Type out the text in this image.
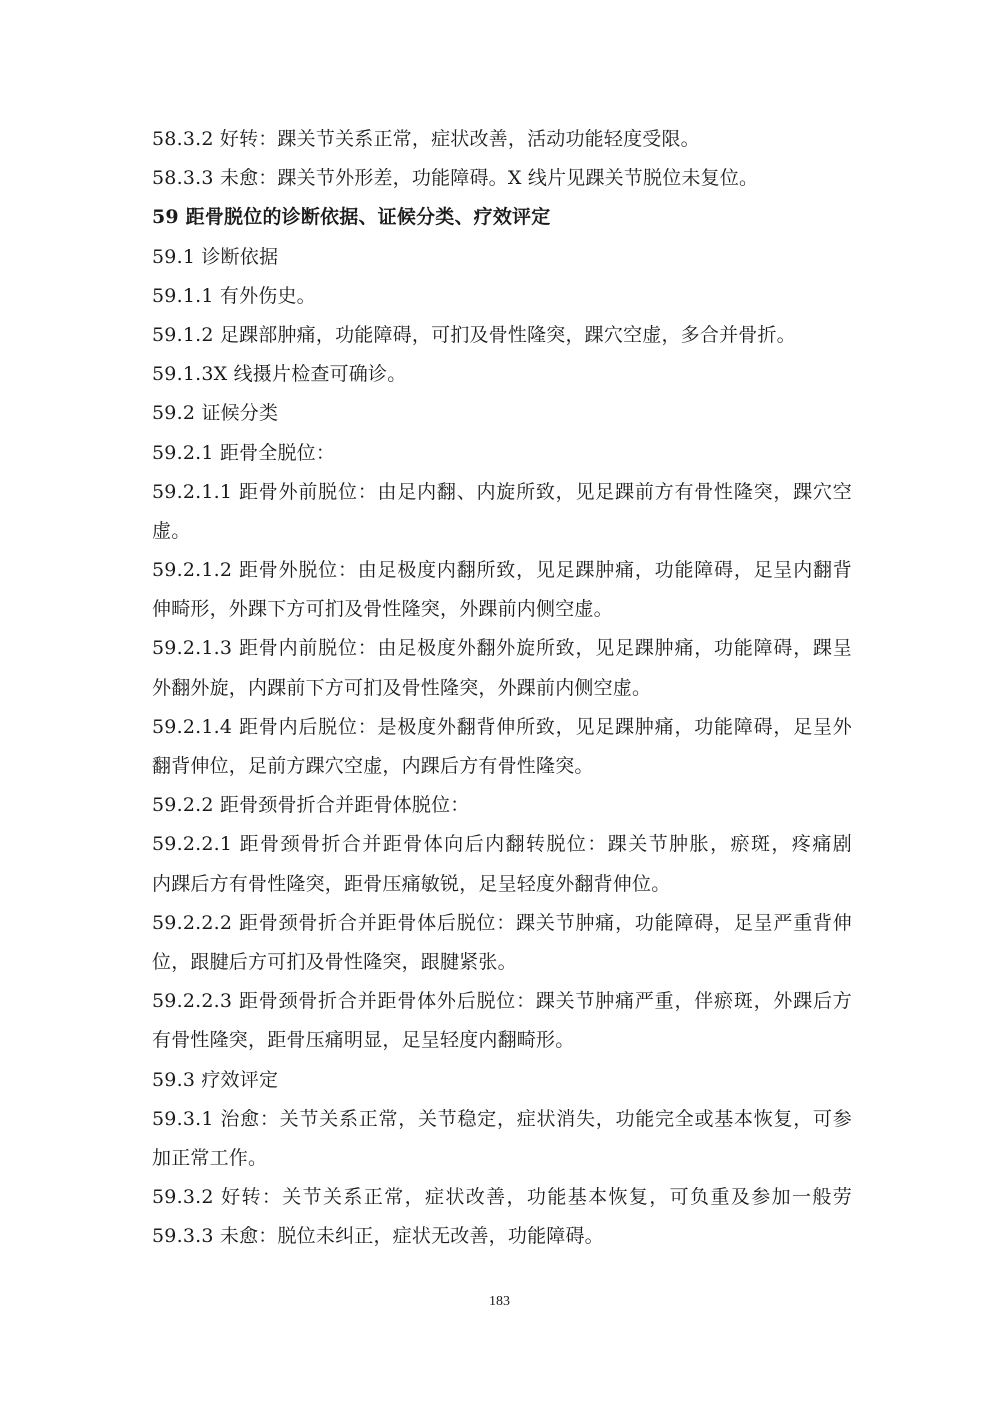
58.3.2 好转：踝关节关系正常，症状改善，活动功能轻度受限。
58.3.3 未愈：踝关节外形差，功能障碍。X 线片见踝关节脱位未复位。
59 距骨脱位的诊断依据、证候分类、疗效评定
59.1 诊断依据
59.1.1 有外伤史。
59.1.2 足踝部肿痛，功能障碍，可扪及骨性隆突，踝穴空虚，多合并骨折。
59.1.3X 线摄片检查可确诊。
59.2 证候分类
59.2.1 距骨全脱位：
59.2.1.1 距骨外前脱位：由足内翻、内旋所致，见足踝前方有骨性隆突，踝穴空
虚。
59.2.1.2 距骨外脱位：由足极度内翻所致，见足踝肿痛，功能障碍，足呈内翻背
伸畸形，外踝下方可扪及骨性隆突，外踝前内侧空虚。
59.2.1.3 距骨内前脱位：由足极度外翻外旋所致，见足踝肿痛，功能障碍，踝呈
外翻外旋，内踝前下方可扪及骨性隆突，外踝前内侧空虚。
59.2.1.4 距骨内后脱位：是极度外翻背伸所致，见足踝肿痛，功能障碍，足呈外
翻背伸位，足前方踝穴空虚，内踝后方有骨性隆突。
59.2.2 距骨颈骨折合并距骨体脱位：
59.2.2.1 距骨颈骨折合并距骨体向后内翻转脱位：踝关节肿胀，瘀斑，疼痛剧
内踝后方有骨性隆突，距骨压痛敏锐，足呈轻度外翻背伸位。
59.2.2.2 距骨颈骨折合并距骨体后脱位：踝关节肿痛，功能障碍，足呈严重背伸
位，跟腱后方可扪及骨性隆突，跟腱紧张。
59.2.2.3 距骨颈骨折合并距骨体外后脱位：踝关节肿痛严重，伴瘀斑，外踝后方
有骨性隆突，距骨压痛明显，足呈轻度内翻畸形。
59.3 疗效评定
59.3.1 治愈：关节关系正常，关节稳定，症状消失，功能完全或基本恢复，可参
加正常工作。
59.3.2 好转：关节关系正常，症状改善，功能基本恢复，可负重及参加一般劳
59.3.3 未愈：脱位未纠正，症状无改善，功能障碍。
183
